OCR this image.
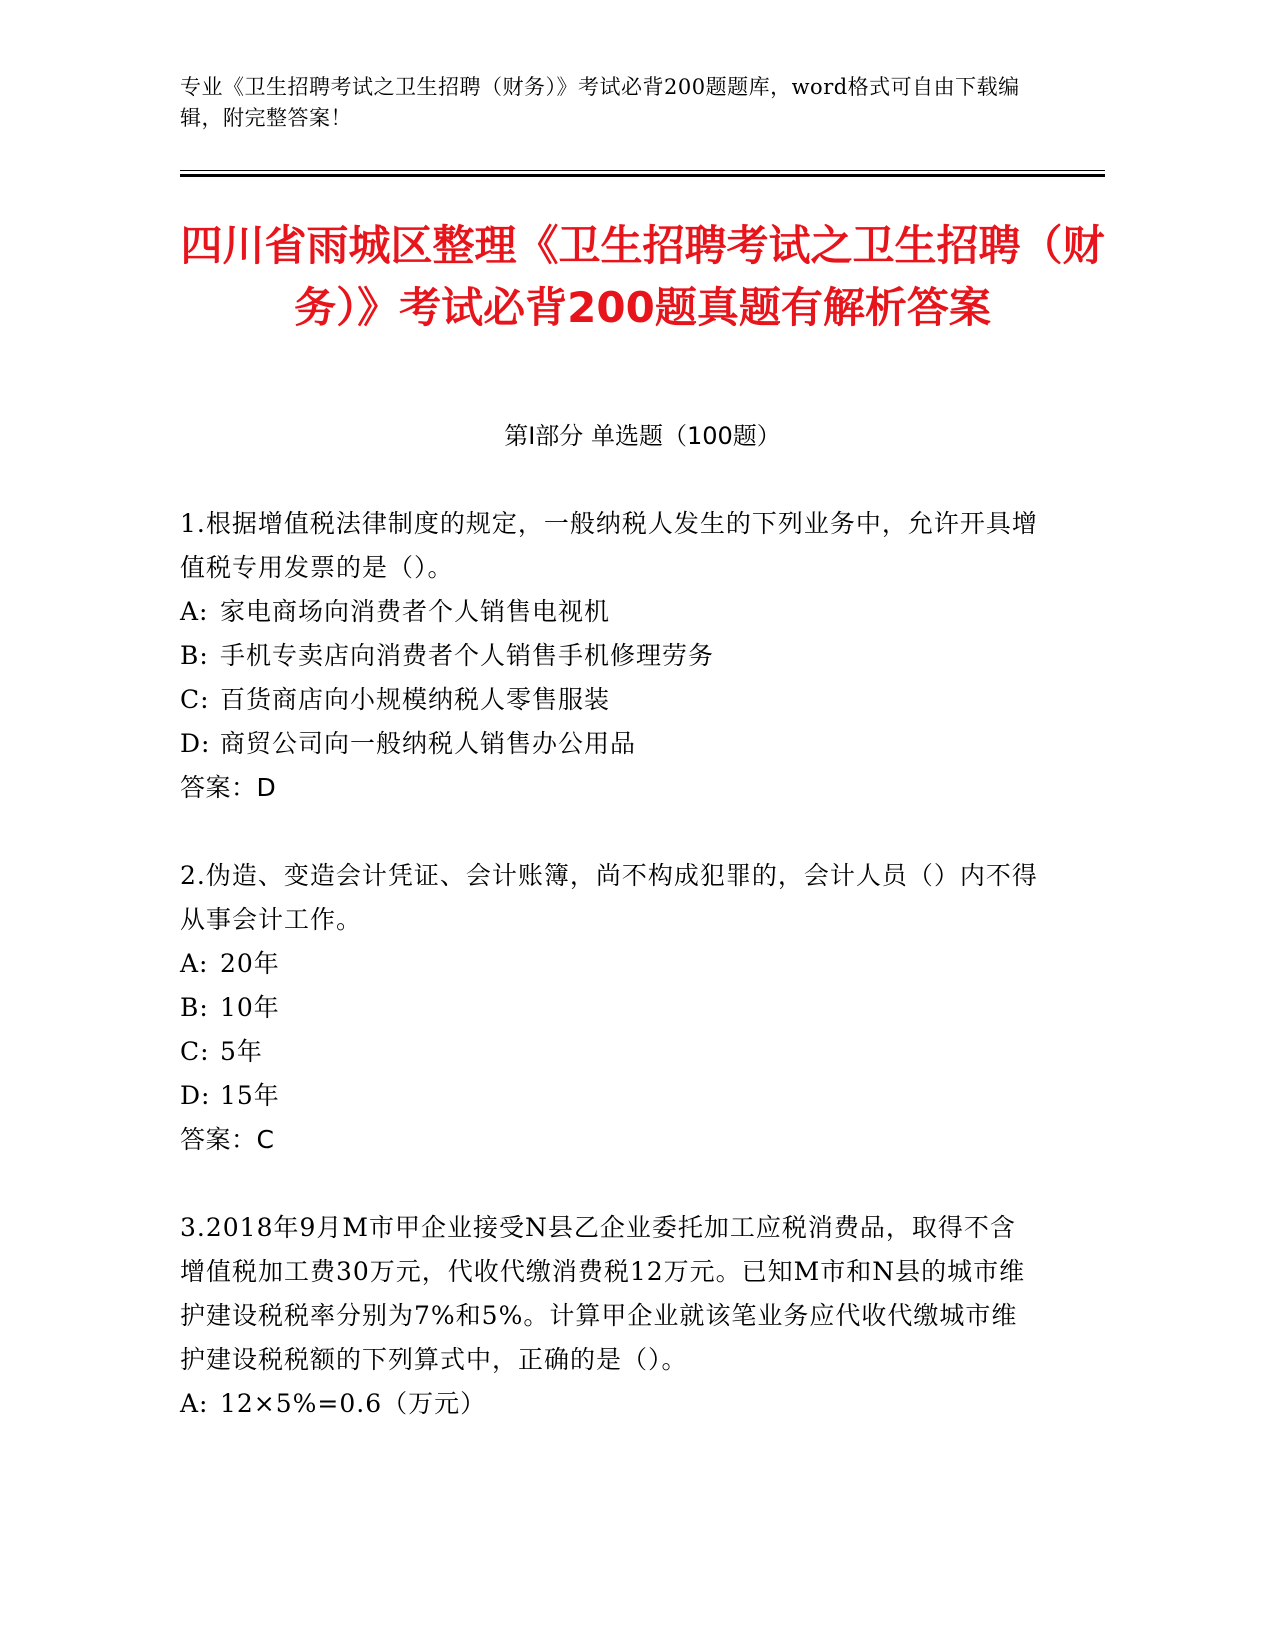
专业《卫生招聘考试之卫生招聘（财务）》考试必背200题题库，word格式可自由下载编辑，附完整答案！

四川省雨城区整理《卫生招聘考试之卫生招聘（财务）》考试必背200题真题有解析答案
第I部分 单选题（100题）

1.根据增值税法律制度的规定，一般纳税人发生的下列业务中，允许开具增值税专用发票的是（）。

A: 家电商场向消费者个人销售电视机

B: 手机专卖店向消费者个人销售手机修理劳务

C: 百货商店向小规模纳税人零售服装

D: 商贸公司向一般纳税人销售办公用品

答案：D

2.伪造、变造会计凭证、会计账簿，尚不构成犯罪的，会计人员（）内不得从事会计工作。

A: 20年

B: 10年

C: 5年

D: 15年

答案：C

3.2018年9月M市甲企业接受N县乙企业委托加工应税消费品，取得不含增值税加工费30万元，代收代缴消费税12万元。已知M市和N县的城市维护建设税税率分别为7%和5%。计算甲企业就该笔业务应代收代缴城市维护建设税税额的下列算式中，正确的是（）。

A: 12×5%=0.6（万元）
